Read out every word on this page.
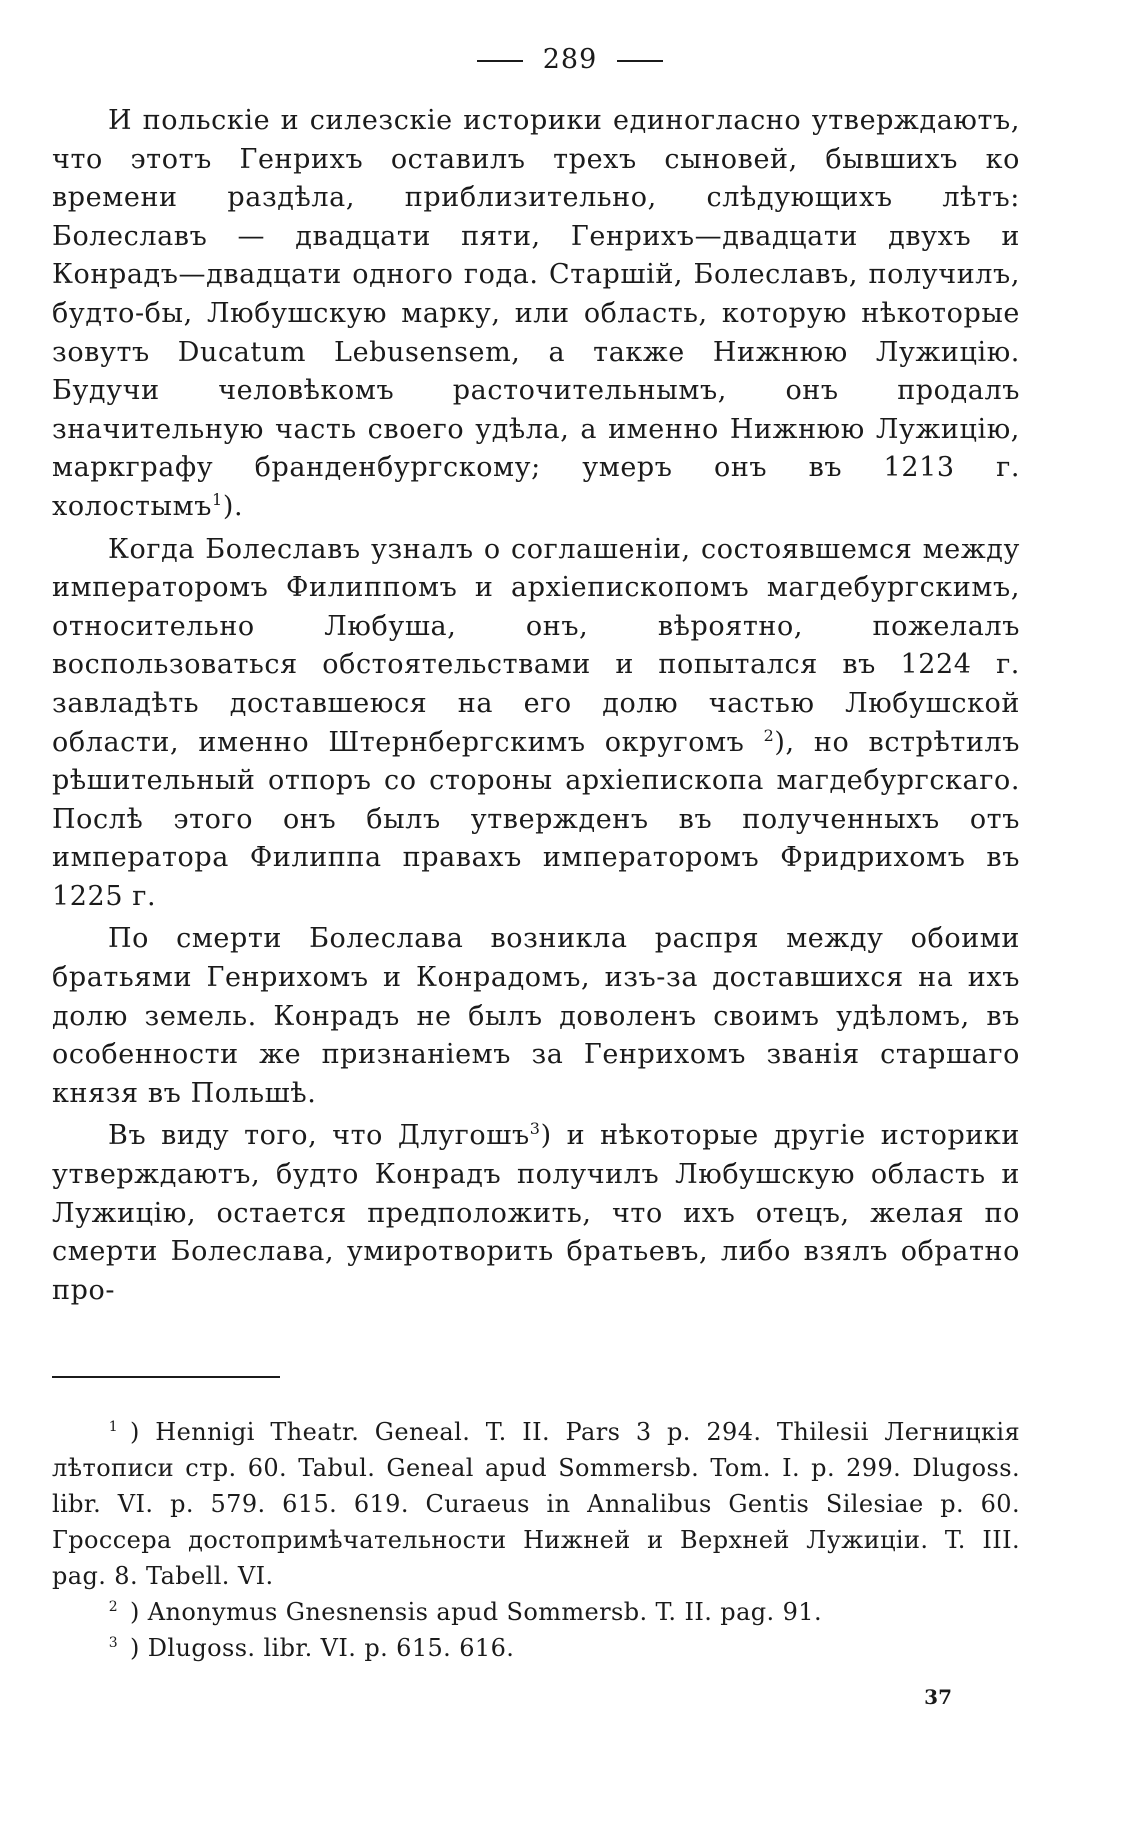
289

И польскіе и силезскіе историки единогласно утверждаютъ, что этотъ Генрихъ оставилъ трехъ сыновей, бывшихъ ко времени раздѣла, приблизительно, слѣдующихъ лѣтъ: Болеславъ — двадцати пяти, Генрихъ—двадцати двухъ и Конрадъ—двадцати одного года. Старшій, Болеславъ, получилъ, будто-бы, Любушскую марку, или область, которую нѣкоторые зовутъ Ducatum Lebusensem, а также Нижнюю Лужицію. Будучи человѣкомъ расточительнымъ, онъ продалъ значительную часть своего удѣла, а именно Нижнюю Лужицію, маркграфу бранденбургскому; умеръ онъ въ 1213 г. холостымъ$^1$).

Когда Болеславъ узналъ о соглашеніи, состоявшемся между императоромъ Филиппомъ и архіепископомъ магдебургскимъ, относительно Любуша, онъ, вѣроятно, пожелалъ воспользоваться обстоятельствами и попытался въ 1224 г. завладѣть доставшеюся на его долю частью Любушской области, именно Штернбергскимъ округомъ $^2$), но встрѣтилъ рѣшительный отпоръ со стороны архіепископа магдебургскаго. Послѣ этого онъ былъ утвержденъ въ полученныхъ отъ императора Филиппа правахъ императоромъ Фридрихомъ въ 1225 г.

По смерти Болеслава возникла распря между обоими братьями Генрихомъ и Конрадомъ, изъ-за доставшихся на ихъ долю земель. Конрадъ не былъ доволенъ своимъ удѣломъ, въ особенности же признаніемъ за Генрихомъ званія старшаго князя въ Польшѣ.

Въ виду того, что Длугошъ$^3$) и нѣкоторые другіе историки утверждаютъ, будто Конрадъ получилъ Любушскую область и Лужицію, остается предположить, что ихъ отецъ, желая по смерти Болеслава, умиротворить братьевъ, либо взялъ обратно про-

$^1$ ) Hennigi Theatr. Geneal. T. II. Pars 3 p. 294. Thilesii Легницкія лѣтописи стр. 60. Tabul. Geneal apud Sommersb. Tom. I. p. 299. Dlugoss. libr. VI. p. 579. 615. 619. Curaeus in Annalibus Gentis Silesiae p. 60. Гроссера достопримѣчательности Нижней и Верхней Лужиціи. T. III. pag. 8. Tabell. VI.

$^2$ ) Anonymus Gnesnensis apud Sommersb. T. II. pag. 91.

$^3$ ) Dlugoss. libr. VI. p. 615. 616.

37
